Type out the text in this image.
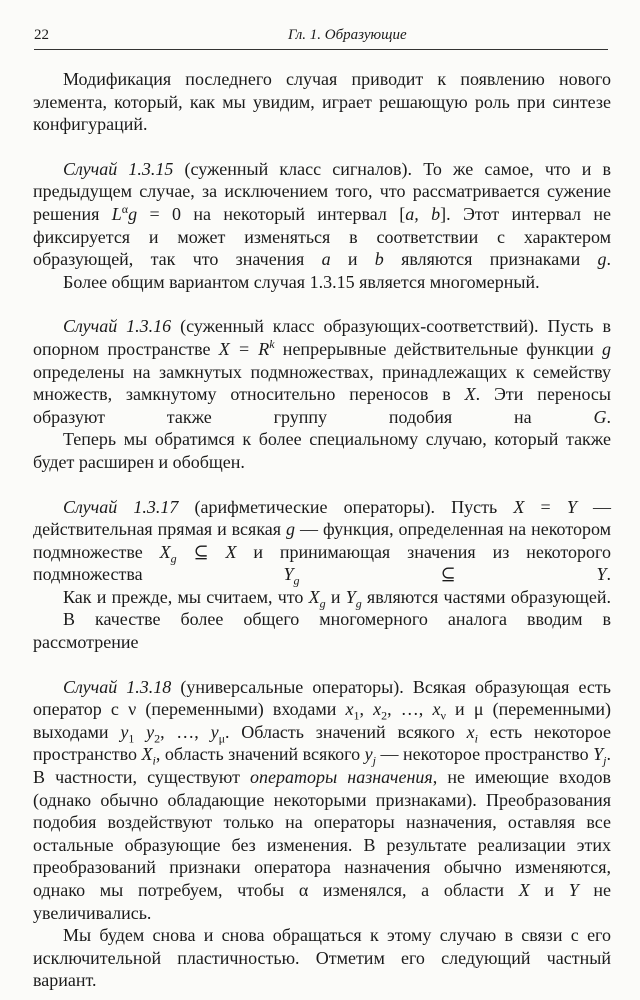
22	Гл. 1. Образующие

Модификация последнего случая приводит к появлению нового элемента, который, как мы увидим, играет решающую роль при синтезе конфигураций.

Случай 1.3.15 (суженный класс сигналов). То же самое, что и в предыдущем случае, за исключением того, что рассматривается сужение решения $L^\alpha g = 0$ на некоторый интервал [a, b]. Этот интервал не фиксируется и может изменяться в соответствии с характером образующей, так что значения a и b являются признаками g.

Более общим вариантом случая 1.3.15 является многомерный.

Случай 1.3.16 (суженный класс образующих-соответствий). Пусть в опорном пространстве $X = R^k$ непрерывные действительные функции g определены на замкнутых подмножествах, принадлежащих к семейству множеств, замкнутому относительно переносов в X. Эти переносы образуют также группу подобия на G.

Теперь мы обратимся к более специальному случаю, который также будет расширен и обобщен.

Случай 1.3.17 (арифметические операторы). Пусть X = Y — действительная прямая и всякая g — функция, определенная на некотором подмножестве $X_g$ ⊆ X и принимающая значения из некоторого подмножества $Y_g$ ⊆ Y.

Как и прежде, мы считаем, что $X_g$ и $Y_g$ являются частями образующей.

В качестве более общего многомерного аналога вводим в рассмотрение

Случай 1.3.18 (универсальные операторы). Всякая образующая есть оператор с ν (переменными) входами $x_1$, $x_2$, …, $x_\nu$ и μ (переменными) выходами $y_1$ $y_2$, …, $y_\mu$. Область значений всякого $x_i$ есть некоторое пространство $X_i$, область значений всякого $y_j$ — некоторое пространство $Y_j$. В частности, существуют операторы назначения, не имеющие входов (однако обычно обладающие некоторыми признаками). Преобразования подобия воздействуют только на операторы назначения, оставляя все остальные образующие без изменения. В результате реализации этих преобразований признаки оператора назначения обычно изменяются, однако мы потребуем, чтобы α изменялся, а области X и Y не увеличивались.

Мы будем снова и снова обращаться к этому случаю в связи с его исключительной пластичностью. Отметим его следующий частный вариант.
